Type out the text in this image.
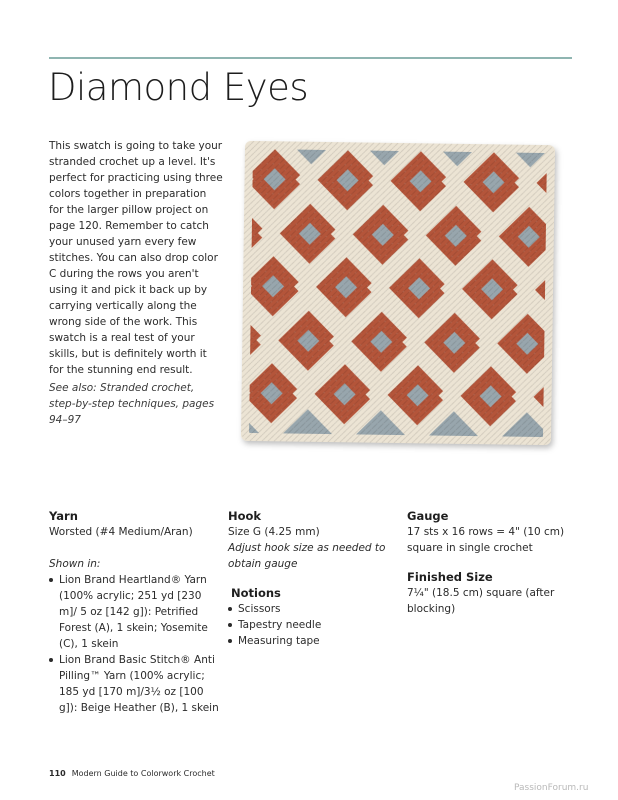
Diamond Eyes

This swatch is going to take your stranded crochet up a level. It's perfect for practicing using three colors together in preparation for the larger pillow project on page 120. Remember to catch your unused yarn every few stitches. You can also drop color C during the rows you aren't using it and pick it back up by carrying vertically along the wrong side of the work. This swatch is a real test of your skills, but is definitely worth it for the stunning end result.

See also: Stranded crochet, step-by-step techniques, pages 94–97
Yarn

Worsted (#4 Medium/Aran)

Shown in:

Lion Brand Heartland® Yarn (100% acrylic; 251 yd [230 m]/ 5 oz [142 g]): Petrified Forest (A), 1 skein; Yosemite (C), 1 skein
Lion Brand Basic Stitch® Anti Pilling™ Yarn (100% acrylic; 185 yd [170 m]/3½ oz [100 g]): Beige Heather (B), 1 skein
Hook

Size G (4.25 mm)

Adjust hook size as needed to obtain gauge

Notions
Scissors
Tapestry needle
Measuring tape
Gauge

17 sts x 16 rows = 4" (10 cm) square in single crochet

Finished Size

7¼" (18.5 cm) square (after blocking)

110 Modern Guide to Colorwork Crochet
PassionForum.ru
